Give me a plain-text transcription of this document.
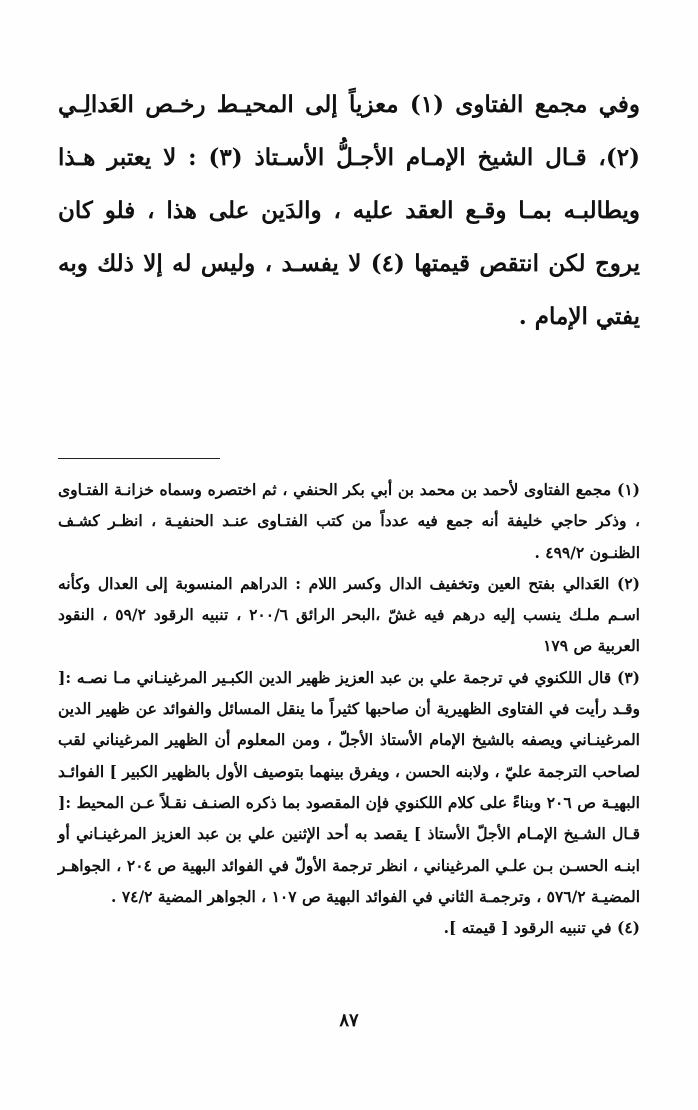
وفي مجمع الفتاوى (١) معزياً إلى المحيـط رخـص العَدالِـي (٢)، قـال الشيخ الإمـام الأجـلُّ الأسـتاذ (٣) : لا يعتبر هـذا ويطالبـه بمـا وقـع العقد عليه ، والدَين على هذا ، فلو كان يروج لكن انتقص قيمتها (٤) لا يفسـد ، وليس له إلا ذلك وبه يفتي الإمام .

(١) مجمع الفتاوى لأحمد بن محمد بن أبي بكر الحنفي ، ثم اختصره وسماه خزانـة الفتـاوى ، وذكر حاجي خليفة أنه جمع فيه عدداً من كتب الفتـاوى عنـد الحنفيـة ، انظـر كشـف الظنـون ٤٩٩/٢ .

(٢) العَدالي بفتح العين وتخفيف الدال وكسر اللام : الدراهم المنسوبة إلى العدال وكأنه اسـم ملـك ينسب إليه درهم فيه غشّ ،البحر الرائق ٢٠٠/٦ ، تنبيه الرقود ٥٩/٢ ، النقود العربية ص ١٧٩

(٣) قال اللكنوي في ترجمة علي بن عبد العزيز ظهير الدين الكبـير المرغينـاني مـا نصـه :[ وقـد رأيت في الفتاوى الظهيرية أن صاحبها كثيراً ما ينقل المسائل والفوائد عن ظهير الدين المرغينـاني ويصفه بالشيخ الإمام الأستاذ الأجلّ ، ومن المعلوم أن الظهير المرغيناني لقب لصاحب الترجمة عليّ ، ولابنه الحسن ، ويفرق بينهما بتوصيف الأول بالظهير الكبير ] الفوائـد البهيـة ص ٢٠٦ وبناءً على كلام اللكنوي فإن المقصود بما ذكره الصنـف نقـلاً عـن المحيط :[ قـال الشـيخ الإمـام الأجلّ الأستاذ ] يقصد به أحد الإثنين علي بن عبد العزيز المرغينـاني أو ابنـه الحسـن بـن علـي المرغيناني ، انظر ترجمة الأولّ في الفوائد البهية ص ٢٠٤ ، الجواهـر المضيـة ٥٧٦/٢ ، وترجمـة الثاني في الفوائد البهية ص ١٠٧ ، الجواهر المضية ٧٤/٢ .

(٤) في تنبيه الرقود [ قيمته ].

٨٧
